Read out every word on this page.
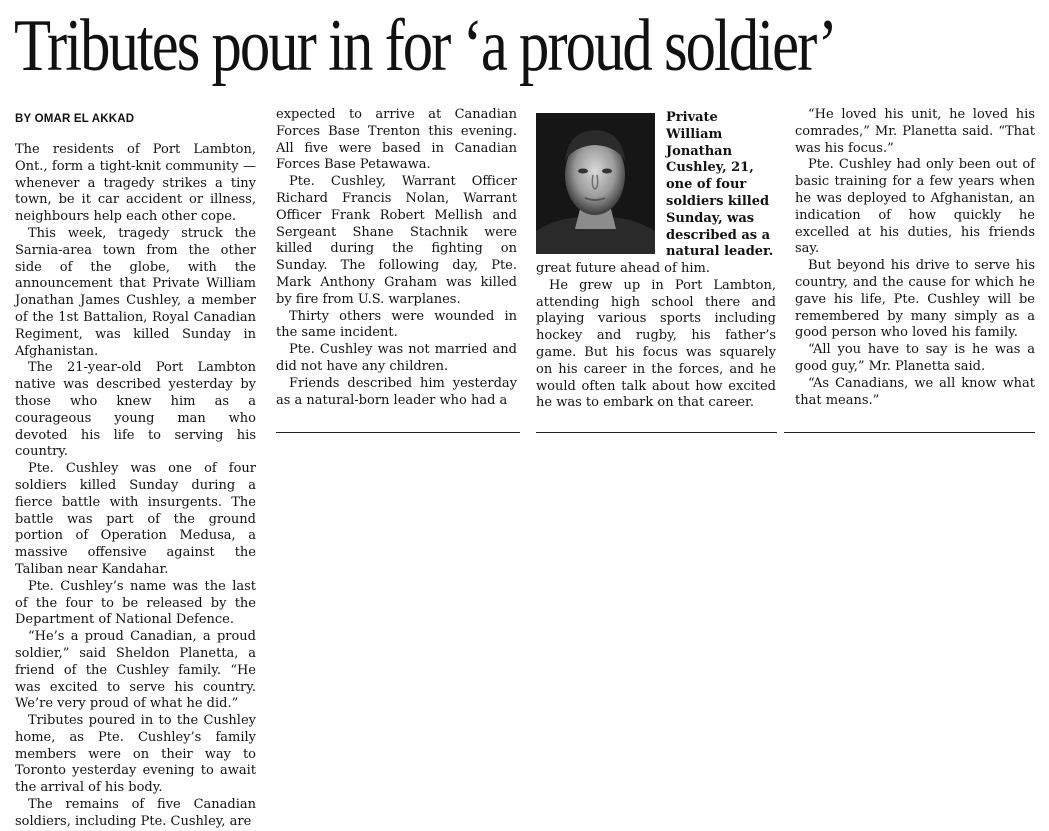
Tributes pour in for ‘a proud soldier’
BY OMAR EL AKKAD

The residents of Port Lambton, Ont., form a tight-knit community — whenever a tragedy strikes a tiny town, be it car accident or illness, neighbours help each other cope.

This week, tragedy struck the Sarnia-area town from the other side of the globe, with the announcement that Private William Jonathan James Cushley, a member of the 1st Battalion, Royal Canadian Regiment, was killed Sunday in Afghanistan.

The 21-year-old Port Lambton native was described yesterday by those who knew him as a courageous young man who devoted his life to serving his country.

Pte. Cushley was one of four soldiers killed Sunday during a fierce battle with insurgents. The battle was part of the ground portion of Operation Medusa, a massive offensive against the Taliban near Kandahar.

Pte. Cushley’s name was the last of the four to be released by the Department of National Defence.

“He’s a proud Canadian, a proud soldier,” said Sheldon Planetta, a friend of the Cushley family. “He was excited to serve his country. We’re very proud of what he did.”

Tributes poured in to the Cushley home, as Pte. Cushley’s family members were on their way to Toronto yesterday evening to await the arrival of his body.

The remains of five Canadian soldiers, including Pte. Cushley, are

expected to arrive at Canadian Forces Base Trenton this evening. All five were based in Canadian Forces Base Petawawa.

Pte. Cushley, Warrant Officer Richard Francis Nolan, Warrant Officer Frank Robert Mellish and Sergeant Shane Stachnik were killed during the fighting on Sunday. The following day, Pte. Mark Anthony Graham was killed by fire from U.S. warplanes.

Thirty others were wounded in the same incident.

Pte. Cushley was not married and did not have any children.

Friends described him yesterday as a natural-born leader who had a

Private William Jonathan Cushley, 21, one of four soldiers killed Sunday, was described as a natural leader.

great future ahead of him.

He grew up in Port Lambton, attending high school there and playing various sports including hockey and rugby, his father’s game. But his focus was squarely on his career in the forces, and he would often talk about how excited he was to embark on that career.

“He loved his unit, he loved his comrades,” Mr. Planetta said. “That was his focus.”

Pte. Cushley had only been out of basic training for a few years when he was deployed to Afghanistan, an indication of how quickly he excelled at his duties, his friends say.

But beyond his drive to serve his country, and the cause for which he gave his life, Pte. Cushley will be remembered by many simply as a good person who loved his family.

“All you have to say is he was a good guy,” Mr. Planetta said.

“As Canadians, we all know what that means.”
